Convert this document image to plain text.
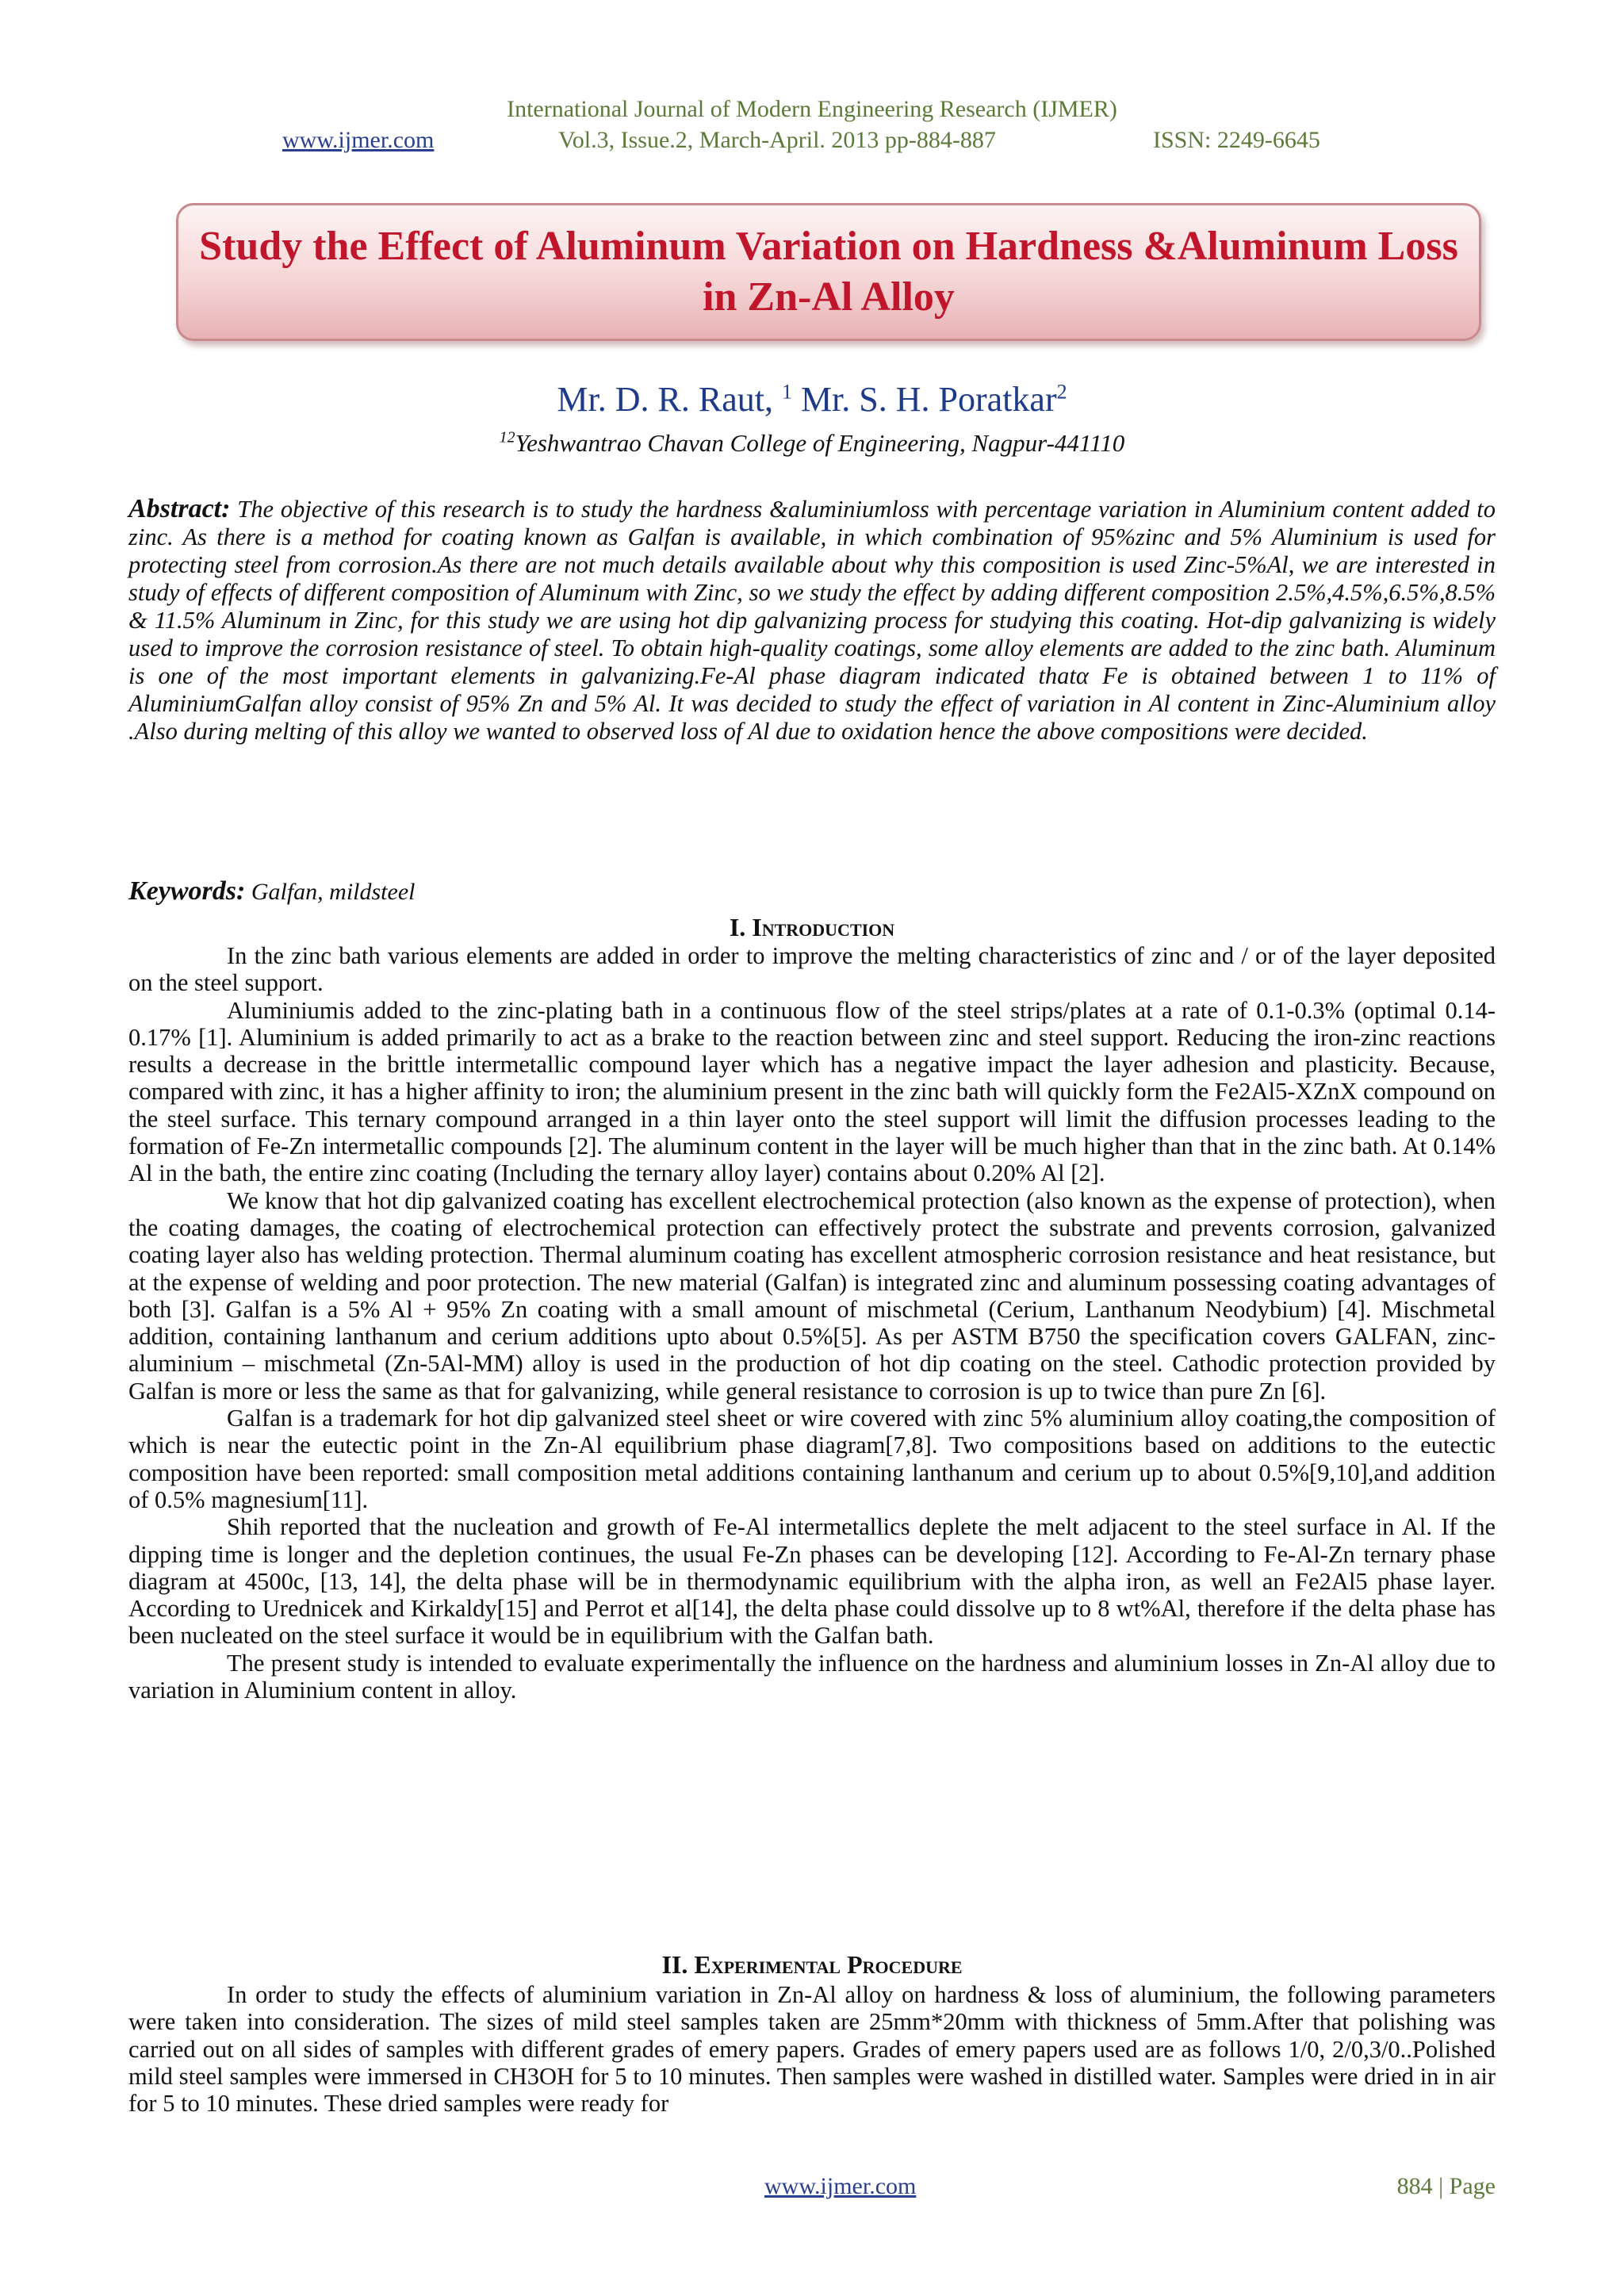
International Journal of Modern Engineering Research (IJMER)
www.ijmer.com	Vol.3, Issue.2, March-April. 2013 pp-884-887	ISSN: 2249-6645
Study the Effect of Aluminum Variation on Hardness &Aluminum Loss in Zn-Al Alloy
Mr. D. R. Raut, $^1$ Mr. S. H. Poratkar$^2$
$^{12}$Yeshwantrao Chavan College of Engineering, Nagpur-441110
Abstract: The objective of this research is to study the hardness &aluminiumloss with percentage variation in Aluminium content added to zinc. As there is a method for coating known as Galfan is available, in which combination of 95%zinc and 5% Aluminium is used for protecting steel from corrosion.As there are not much details available about why this composition is used Zinc-5%Al, we are interested in study of effects of different composition of Aluminum with Zinc, so we study the effect by adding different composition 2.5%,4.5%,6.5%,8.5% & 11.5% Aluminum in Zinc, for this study we are using hot dip galvanizing process for studying this coating. Hot-dip galvanizing is widely used to improve the corrosion resistance of steel. To obtain high-quality coatings, some alloy elements are added to the zinc bath. Aluminum is one of the most important elements in galvanizing.Fe-Al phase diagram indicated thatα Fe is obtained between 1 to 11% of AluminiumGalfan alloy consist of 95% Zn and 5% Al. It was decided to study the effect of variation in Al content in Zinc-Aluminium alloy .Also during melting of this alloy we wanted to observed loss of Al due to oxidation hence the above compositions were decided.
Keywords: Galfan, mildsteel
I. Introduction

In the zinc bath various elements are added in order to improve the melting characteristics of zinc and / or of the layer deposited on the steel support.

Aluminiumis added to the zinc-plating bath in a continuous flow of the steel strips/plates at a rate of 0.1-0.3% (optimal 0.14-0.17% [1]. Aluminium is added primarily to act as a brake to the reaction between zinc and steel support. Reducing the iron-zinc reactions results a decrease in the brittle intermetallic compound layer which has a negative impact the layer adhesion and plasticity. Because, compared with zinc, it has a higher affinity to iron; the aluminium present in the zinc bath will quickly form the Fe2Al5-XZnX compound on the steel surface. This ternary compound arranged in a thin layer onto the steel support will limit the diffusion processes leading to the formation of Fe-Zn intermetallic compounds [2]. The aluminum content in the layer will be much higher than that in the zinc bath. At 0.14% Al in the bath, the entire zinc coating (Including the ternary alloy layer) contains about 0.20% Al [2].

We know that hot dip galvanized coating has excellent electrochemical protection (also known as the expense of protection), when the coating damages, the coating of electrochemical protection can effectively protect the substrate and prevents corrosion, galvanized coating layer also has welding protection. Thermal aluminum coating has excellent atmospheric corrosion resistance and heat resistance, but at the expense of welding and poor protection. The new material (Galfan) is integrated zinc and aluminum possessing coating advantages of both [3]. Galfan is a 5% Al + 95% Zn coating with a small amount of mischmetal (Cerium, Lanthanum Neodybium) [4]. Mischmetal addition, containing lanthanum and cerium additions upto about 0.5%[5]. As per ASTM B750 the specification covers GALFAN, zinc- aluminium – mischmetal (Zn-5Al-MM) alloy is used in the production of hot dip coating on the steel. Cathodic protection provided by Galfan is more or less the same as that for galvanizing, while general resistance to corrosion is up to twice than pure Zn [6].

Galfan is a trademark for hot dip galvanized steel sheet or wire covered with zinc 5% aluminium alloy coating,the composition of which is near the eutectic point in the Zn-Al equilibrium phase diagram[7,8]. Two compositions based on additions to the eutectic composition have been reported: small composition metal additions containing lanthanum and cerium up to about 0.5%[9,10],and addition of 0.5% magnesium[11].

Shih reported that the nucleation and growth of Fe-Al intermetallics deplete the melt adjacent to the steel surface in Al. If the dipping time is longer and the depletion continues, the usual Fe-Zn phases can be developing [12]. According to Fe-Al-Zn ternary phase diagram at 4500c, [13, 14], the delta phase will be in thermodynamic equilibrium with the alpha iron, as well an Fe2Al5 phase layer. According to Urednicek and Kirkaldy[15] and Perrot et al[14], the delta phase could dissolve up to 8 wt%Al, therefore if the delta phase has been nucleated on the steel surface it would be in equilibrium with the Galfan bath.

The present study is intended to evaluate experimentally the influence on the hardness and aluminium losses in Zn-Al alloy due to variation in Aluminium content in alloy.

II. Experimental Procedure

In order to study the effects of aluminium variation in Zn-Al alloy on hardness & loss of aluminium, the following parameters were taken into consideration. The sizes of mild steel samples taken are 25mm*20mm with thickness of 5mm.After that polishing was carried out on all sides of samples with different grades of emery papers. Grades of emery papers used are as follows 1/0, 2/0,3/0..Polished mild steel samples were immersed in CH3OH for 5 to 10 minutes. Then samples were washed in distilled water. Samples were dried in in air for 5 to 10 minutes. These dried samples were ready for

www.ijmer.com	884 | Page
